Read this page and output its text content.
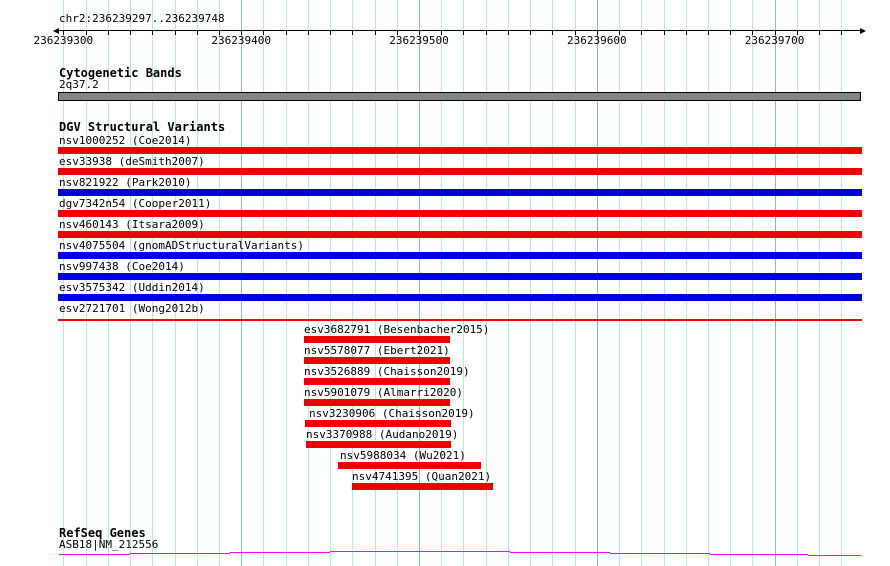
236239300	236239400	236239500	236239600	236239700
chr2:236239297..236239748
Cytogenetic Bands
2q37.2
DGV Structural Variants
nsv1000252 (Coe2014)
esv33938 (deSmith2007)
nsv821922 (Park2010)
dgv7342n54 (Cooper2011)
nsv460143 (Itsara2009)
nsv4075504 (gnomADStructuralVariants)
nsv997438 (Coe2014)
esv3575342 (Uddin2014)
esv2721701 (Wong2012b)
esv3682791 (Besenbacher2015)
nsv5578077 (Ebert2021)
nsv3526889 (Chaisson2019)
nsv5901079 (Almarri2020)
nsv3230906 (Chaisson2019)
nsv3370988 (Audano2019)
nsv5988034 (Wu2021)
nsv4741395 (Quan2021)
RefSeq Genes
ASB18|NM_212556
